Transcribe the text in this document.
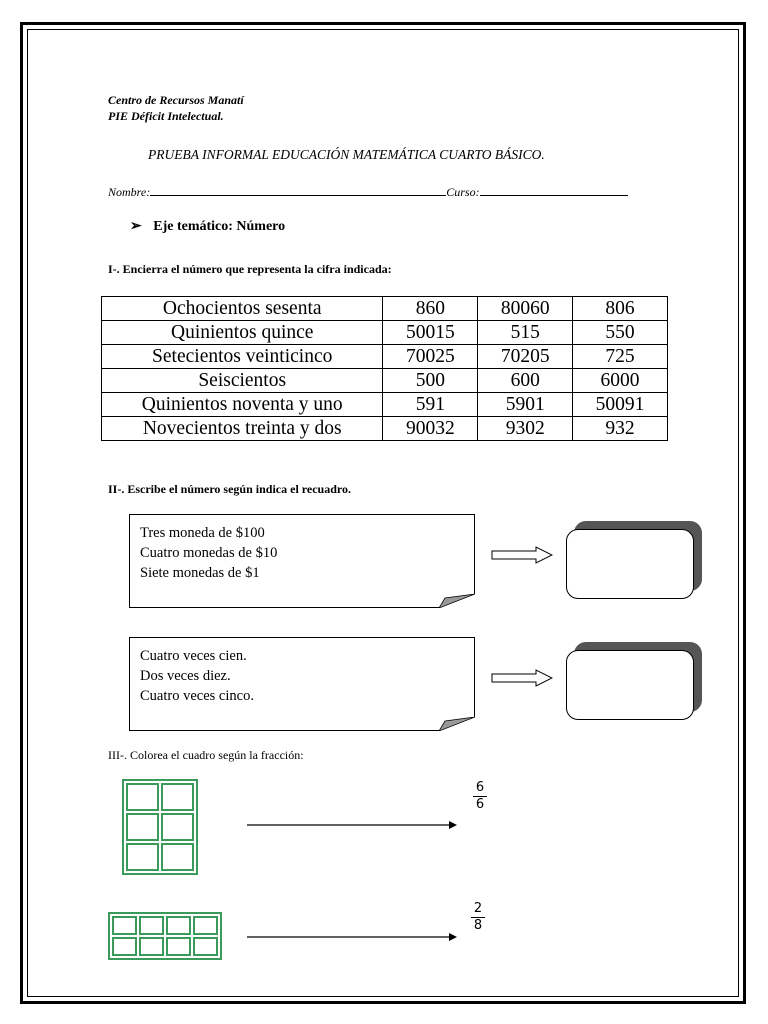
Centro de Recursos Manatí
PIE Déficit Intelectual.
PRUEBA INFORMAL EDUCACIÓN MATEMÁTICA CUARTO BÁSICO.
Nombre:	Curso:
➢ Eje temático: Número
I-. Encierra el número que representa la cifra indicada:
Ochocientos sesenta	860	80060	806
Quinientos quince	50015	515	550
Setecientos veinticinco	70025	70205	725
Seiscientos	500	600	6000
Quinientos noventa y uno	591	5901	50091
Novecientos treinta y dos	90032	9302	932
II-. Escribe el número según indica el recuadro.
Tres moneda de $100
Cuatro monedas de $10
Siete monedas de $1
Cuatro veces cien.
Dos veces diez.
Cuatro veces cinco.
III-. Colorea el cuadro según la fracción:
6
6
2
8
